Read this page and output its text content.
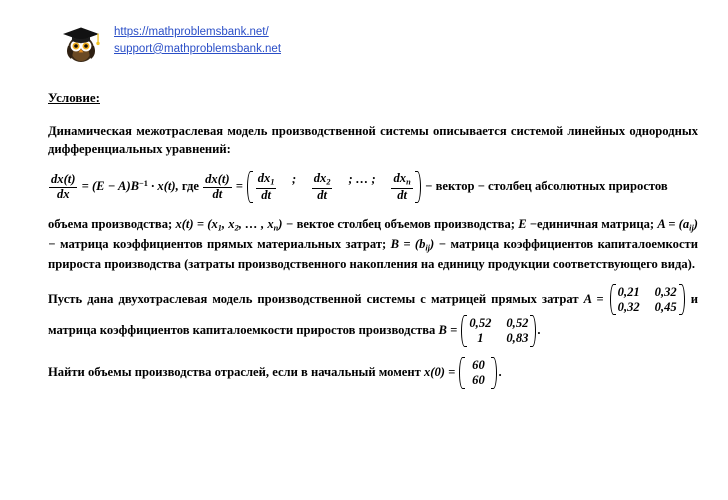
https://mathproblemsbank.net/
support@mathproblemsbank.net
Условие:

Динамическая межотраслевая модель производственной системы описывается системой линейных однородных дифференциальных уравнений:

$\frac{dx(t)}{dx} = (E - A)B^{-1} \cdot x(t)$, где $\frac{dx(t)}{dt} = \frac{dx_1}{dt}$ ; $\frac{dx_2}{dt}$ ; … ; $\frac{dx_n}{dt}$ − вектор − столбец абсолютных приростов

объема производства; $x(t) = (x_1$, $x_2$, … , $x_n$) − вектое столбец объемов производства; E −единичная матрица; $A = (a_{ij})$ − матрица коэффициентов прямых материальных затрат; $B = (b_{ij})$ − матрица коэффициентов капиталоемкости прироста производства (затраты производственного накопления на единицу продукции соответствующего вида).

Пусть дана двухотраслевая модель производственной системы с матрицей прямых затрат A = 0,21 0,32
0,32 0,45
и матрица коэффициентов капиталоемкости приростов производства B = 0,52 0,52
1	0,83
.

Найти объемы производства отраслей, если в начальный момент x(0) =	60
60
.
